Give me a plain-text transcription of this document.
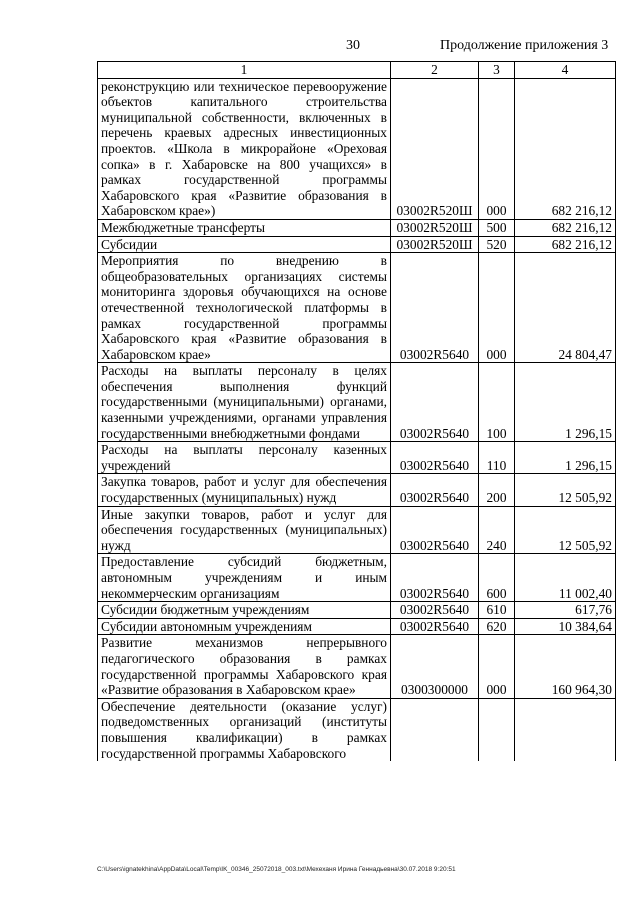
30	Продолжение приложения 3
1	2	3	4
реконструкцию или техническое перевооружение объектов капитального строительства муниципальной собственности, включенных в перечень краевых адресных инвестиционных проектов. «Школа в микрорайоне «Ореховая сопка» в г. Хабаровске на 800 учащихся» в рамках государственной программы Хабаровского края «Развитие образования в Хабаровском крае»)	03002R520Ш	000	682 216,12
Межбюджетные трансферты	03002R520Ш	500	682 216,12
Субсидии	03002R520Ш	520	682 216,12
Мероприятия по внедрению в общеобразовательных организациях системы мониторинга здоровья обучающихся на основе отечественной технологической платформы в рамках государственной программы Хабаровского края «Развитие образования в Хабаровском крае»	03002R5640	000	24 804,47
Расходы на выплаты персоналу в целях обеспечения выполнения функций государственными (муниципальными) органами, казенными учреждениями, органами управления государственными внебюджетными фондами	03002R5640	100	1 296,15
Расходы на выплаты персоналу казенных учреждений	03002R5640	110	1 296,15
Закупка товаров, работ и услуг для обеспечения государственных (муниципальных) нужд	03002R5640	200	12 505,92
Иные закупки товаров, работ и услуг для обеспечения государственных (муниципальных) нужд	03002R5640	240	12 505,92
Предоставление субсидий бюджетным, автономным учреждениям и иным некоммерческим организациям	03002R5640	600	11 002,40
Субсидии бюджетным учреждениям	03002R5640	610	617,76
Субсидии автономным учреждениям	03002R5640	620	10 384,64
Развитие механизмов непрерывного педагогического образования в рамках государственной программы Хабаровского края «Развитие образования в Хабаровском крае»	0300300000	000	160 964,30
Обеспечение деятельности (оказание услуг) подведомственных организаций (институты повышения квалификации) в рамках государственной программы Хабаровского			
C:\Users\ignatekhina\AppData\Local\Temp\IK_00346_25072018_003.txt\Мехеханя Ирина Геннадьевна\30.07.2018 9:20:51
